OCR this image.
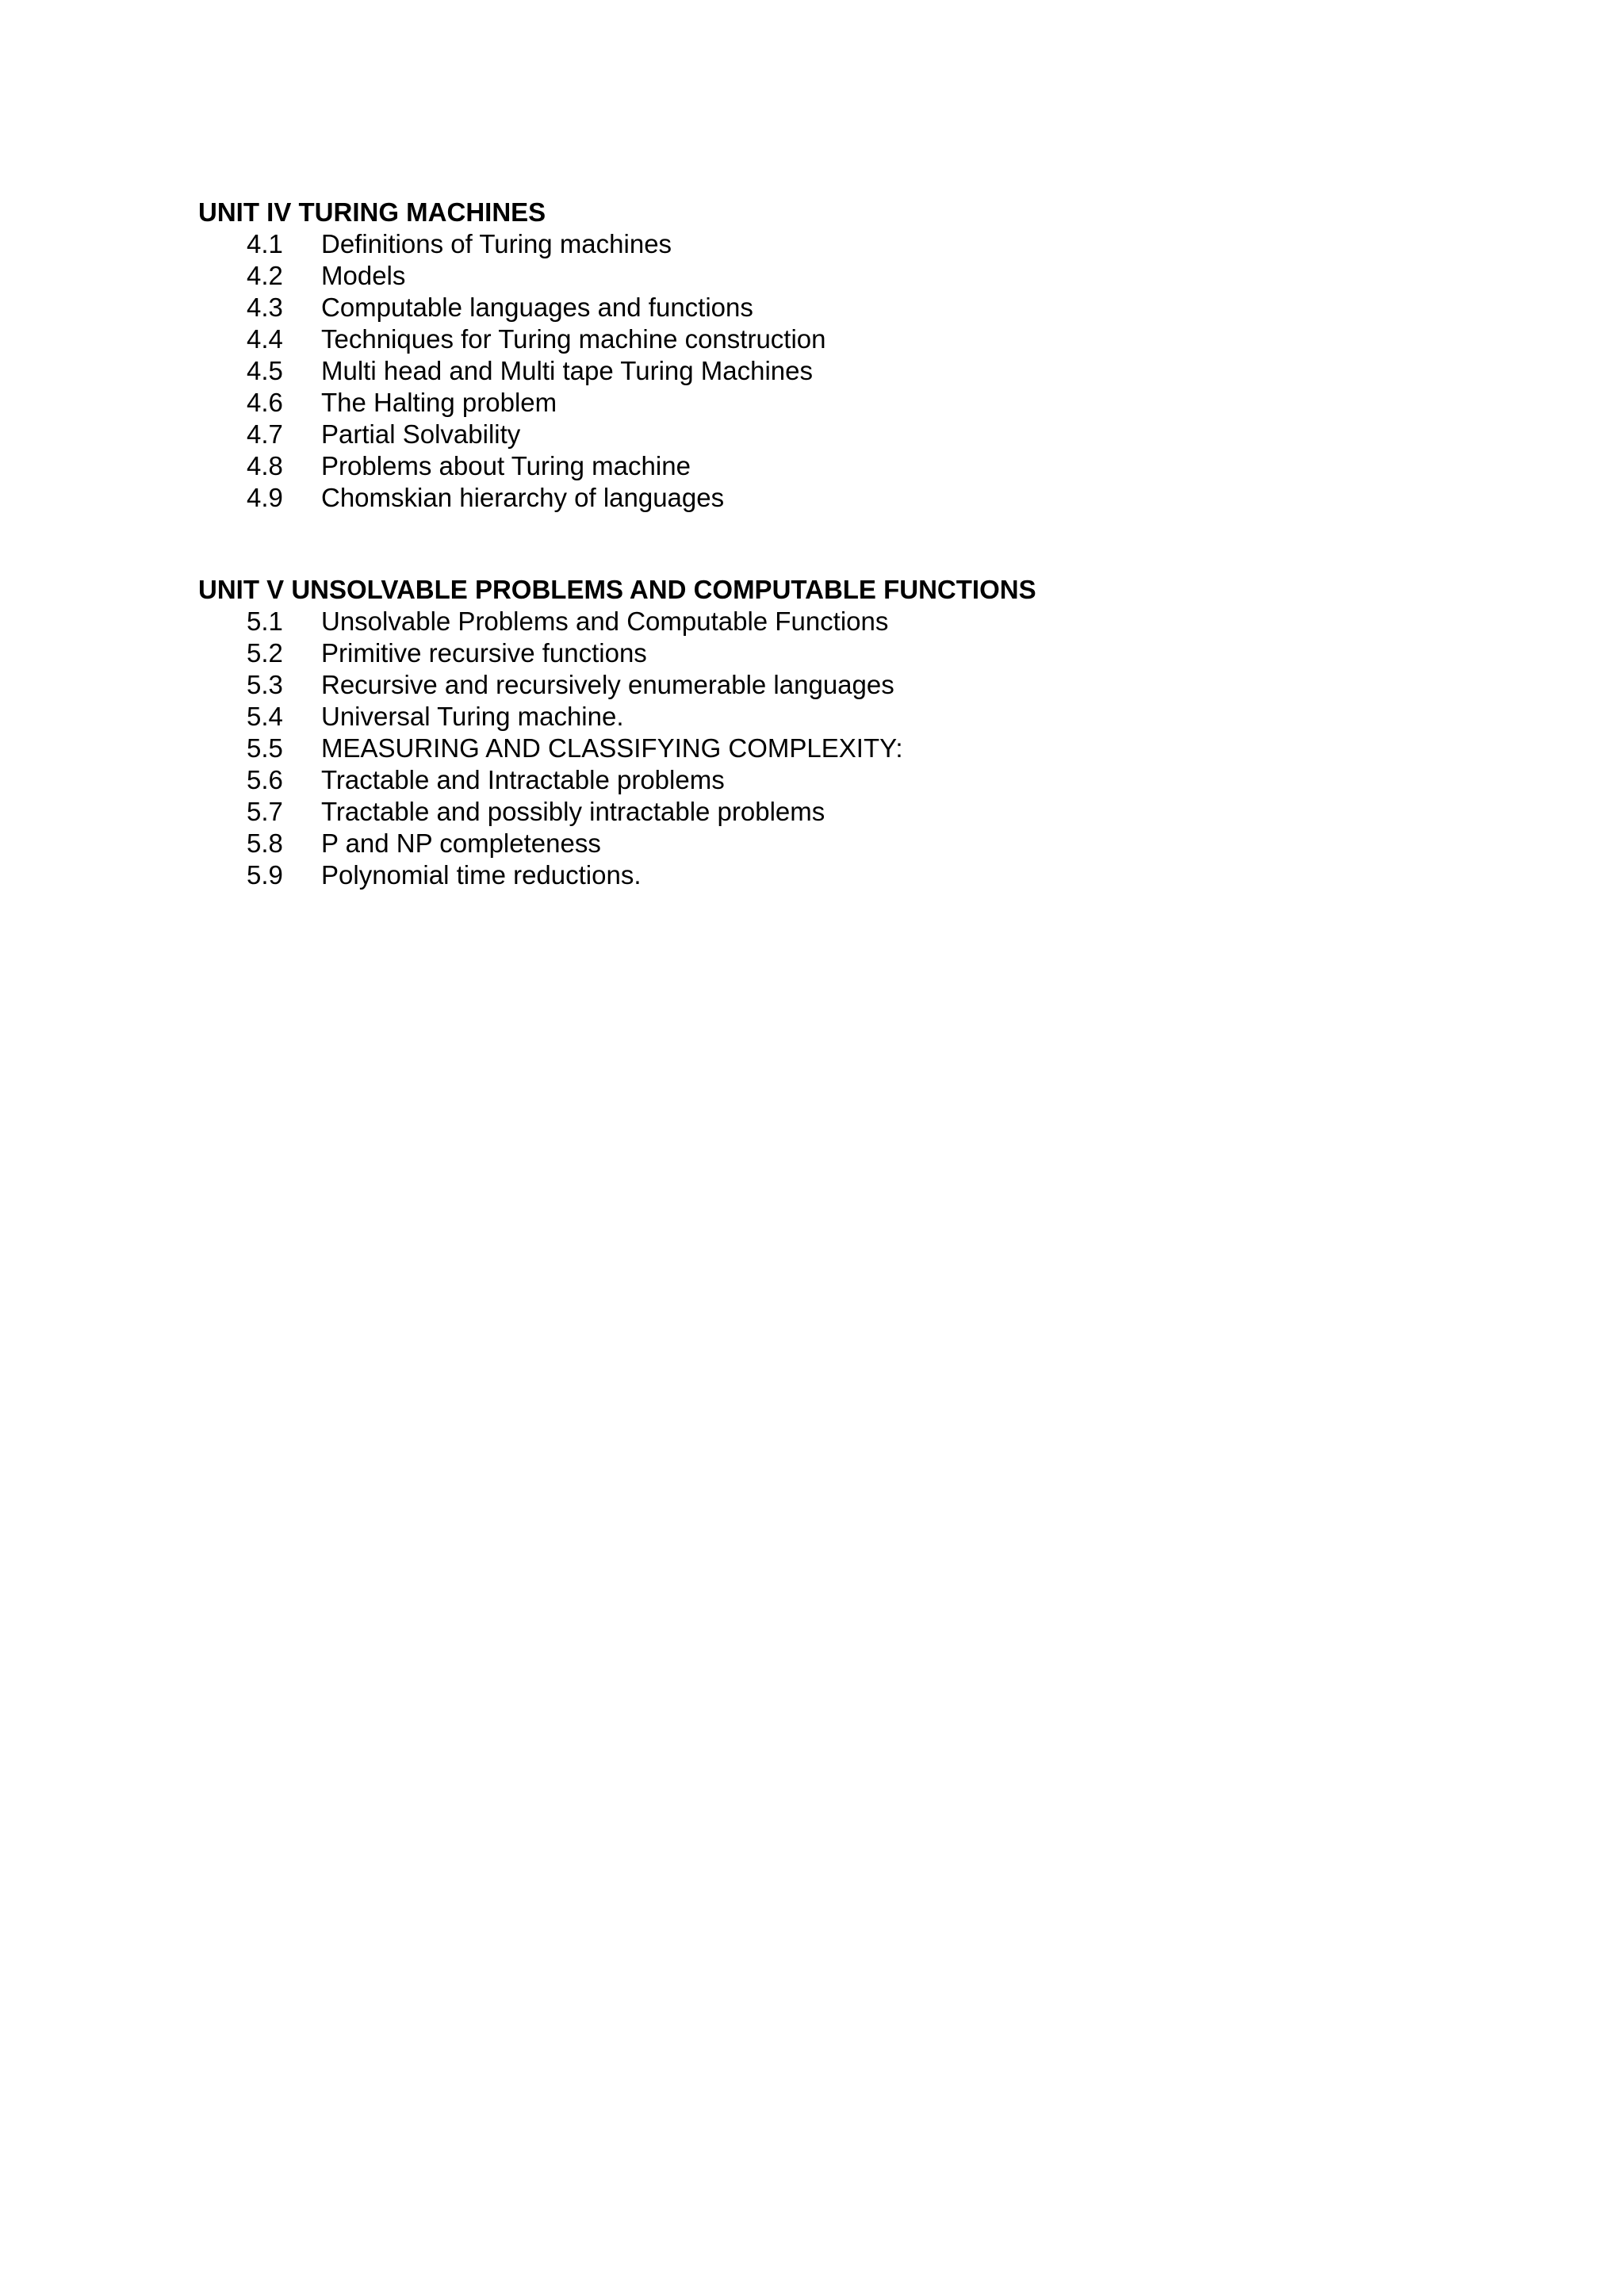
UNIT IV TURING MACHINES
4.1 Definitions of Turing machines
4.2 Models
4.3 Computable languages and functions
4.4 Techniques for Turing machine construction
4.5 Multi head and Multi tape Turing Machines
4.6 The Halting problem
4.7 Partial Solvability
4.8 Problems about Turing machine
4.9 Chomskian hierarchy of languages
UNIT V UNSOLVABLE PROBLEMS AND COMPUTABLE FUNCTIONS
5.1 Unsolvable Problems and Computable Functions
5.2 Primitive recursive functions
5.3 Recursive and recursively enumerable languages
5.4 Universal Turing machine.
5.5 MEASURING AND CLASSIFYING COMPLEXITY:
5.6 Tractable and Intractable problems
5.7 Tractable and possibly intractable problems
5.8 P and NP completeness
5.9 Polynomial time reductions.
